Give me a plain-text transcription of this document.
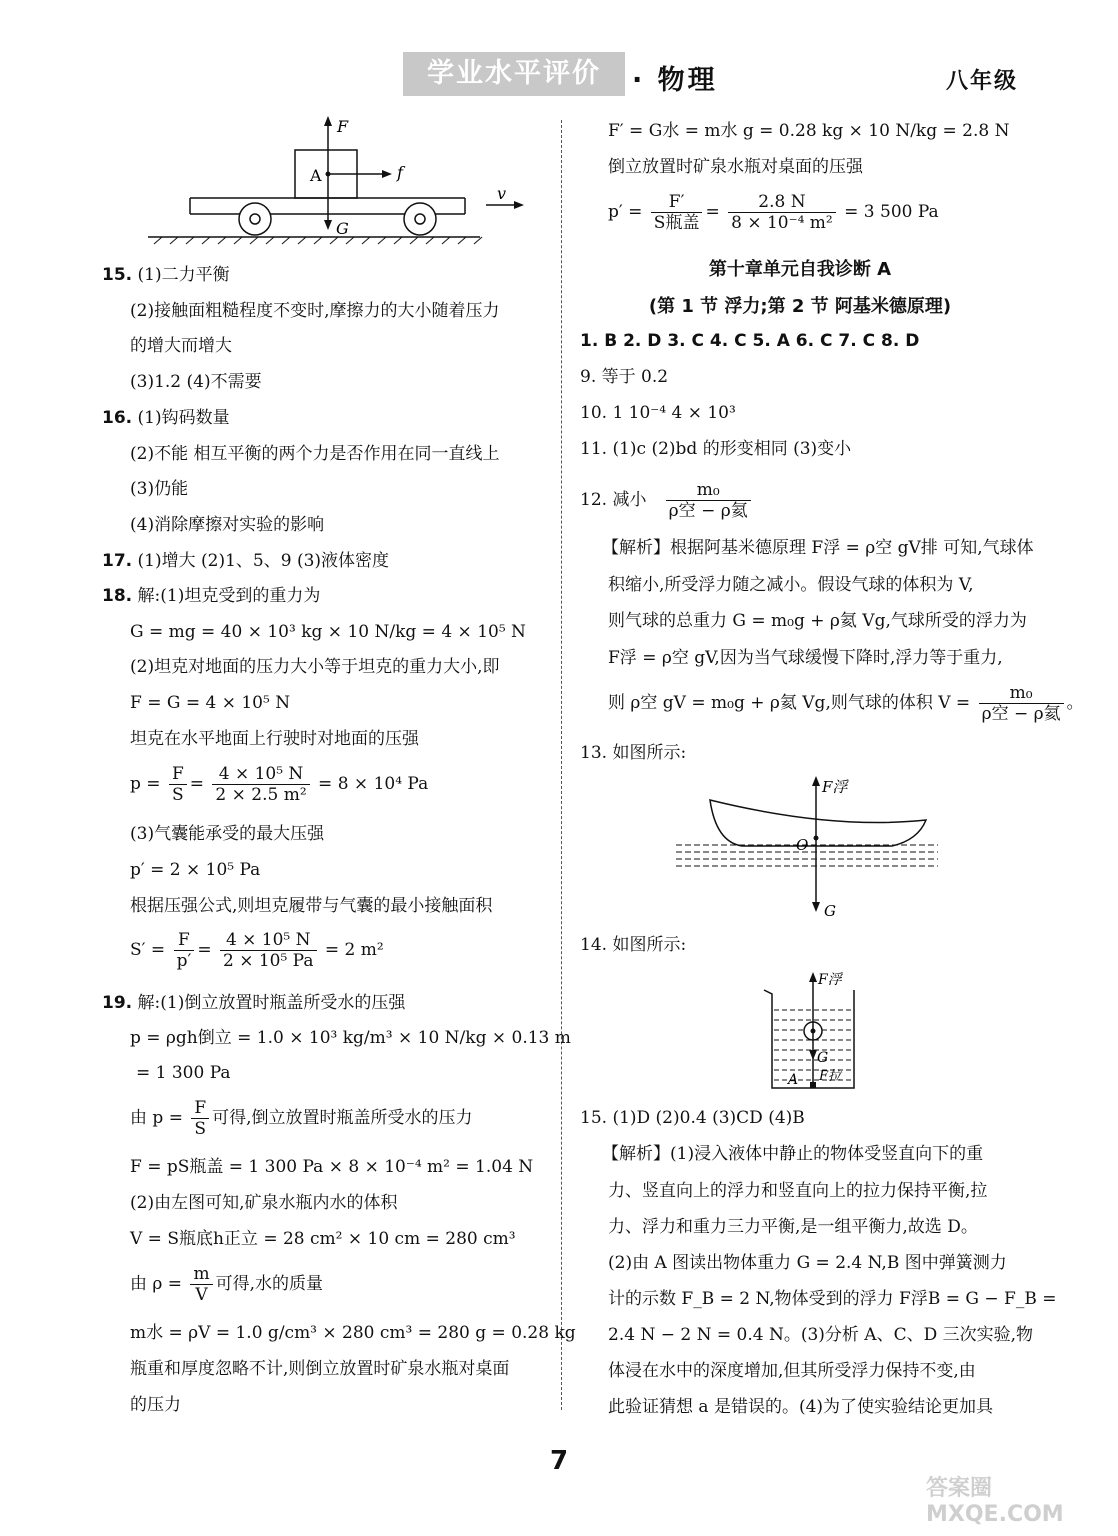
学业水平评价	· 物理	八年级
F
A	f
v
G
15. (1)二力平衡
(2)接触面粗糙程度不变时,摩擦力的大小随着压力
的增大而增大
(3)1.2 (4)不需要
16. (1)钩码数量
(2)不能 相互平衡的两个力是否作用在同一直线上
(3)仍能
(4)消除摩擦对实验的影响
17. (1)增大 (2)1、5、9 (3)液体密度
18. 解:(1)坦克受到的重力为
G = mg = 40 × 10³ kg × 10 N/kg = 4 × 10⁵ N
(2)坦克对地面的压力大小等于坦克的重力大小,即
F = G = 4 × 10⁵ N
坦克在水平地面上行驶时对地面的压强
$p = \frac{F}{S} = \frac{\text{4 × 10⁵ N}}{\text{2 × 2.5 m²}} = 8 \times 10^4$ Pa
(3)气囊能承受的最大压强
p′ = 2 × 10⁵ Pa
根据压强公式,则坦克履带与气囊的最小接触面积
$S' = \frac{F}{p'} = \frac{\text{4 × 10⁵ N}}{\text{2 × 10⁵ Pa}} = 2$ m²
19. 解:(1)倒立放置时瓶盖所受水的压强
p = ρgh倒立 = 1.0 × 10³ kg/m³ × 10 N/kg × 0.13 m
= 1 300 Pa
由 $p = \frac{F}{S}$ 可得,倒立放置时瓶盖所受水的压力
F = pS瓶盖 = 1 300 Pa × 8 × 10⁻⁴ m² = 1.04 N
(2)由左图可知,矿泉水瓶内水的体积
V = S瓶底h正立 = 28 cm² × 10 cm = 280 cm³
由 $\rho = \frac{m}{V}$ 可得,水的质量
m水 = ρV = 1.0 g/cm³ × 280 cm³ = 280 g = 0.28 kg
瓶重和厚度忽略不计,则倒立放置时矿泉水瓶对桌面
的压力
F′ = G水 = m水 g = 0.28 kg × 10 N/kg = 2.8 N
倒立放置时矿泉水瓶对桌面的压强
$p' = \frac{F'}{\text{S瓶盖}} = \frac{2.8 N}{\text{8 × 10⁻⁴ m²}} = 3$ 500 Pa
第十章单元自我诊断 A
(第 1 节 浮力;第 2 节 阿基米德原理)
1. B 2. D 3. C 4. C 5. A 6. C 7. C 8. D
9. 等于 0.2
10. 1 10⁻⁴ 4 × 10³
11. (1)c (2)bd 的形变相同 (3)变小
12. 减小 $\frac{\text{m₀}}{\text{ρ空 − ρ氦}}$
【解析】根据阿基米德原理 F浮 = ρ空 gV排 可知,气球体
积缩小,所受浮力随之减小。假设气球的体积为 V,
则气球的总重力 G = m₀g + ρ氦 Vg,气球所受的浮力为
F浮 = ρ空 gV,因为当气球缓慢下降时,浮力等于重力,
则 ρ空 gV = m₀g + ρ氦 Vg,则气球的体积 $V = \frac{\text{m₀}}{\text{ρ空 − ρ氦}}$ 。
13. 如图所示:
14. 如图所示:
15. (1)D (2)0.4 (3)CD (4)B
【解析】(1)浸入液体中静止的物体受竖直向下的重
力、竖直向上的浮力和竖直向上的拉力保持平衡,拉
力、浮力和重力三力平衡,是一组平衡力,故选 D。
(2)由 A 图读出物体重力 G = 2.4 N,B 图中弹簧测力
计的示数 F_B = 2 N,物体受到的浮力 F浮B = G − F_B =
2.4 N − 2 N = 0.4 N。(3)分析 A、C、D 三次实验,物
体浸在水中的深度增加,但其所受浮力保持不变,由
此验证猜想 a 是错误的。(4)为了使实验结论更加具
F浮
O
G
F浮
G
A F拉
7
答案圈 MXQE.COM
